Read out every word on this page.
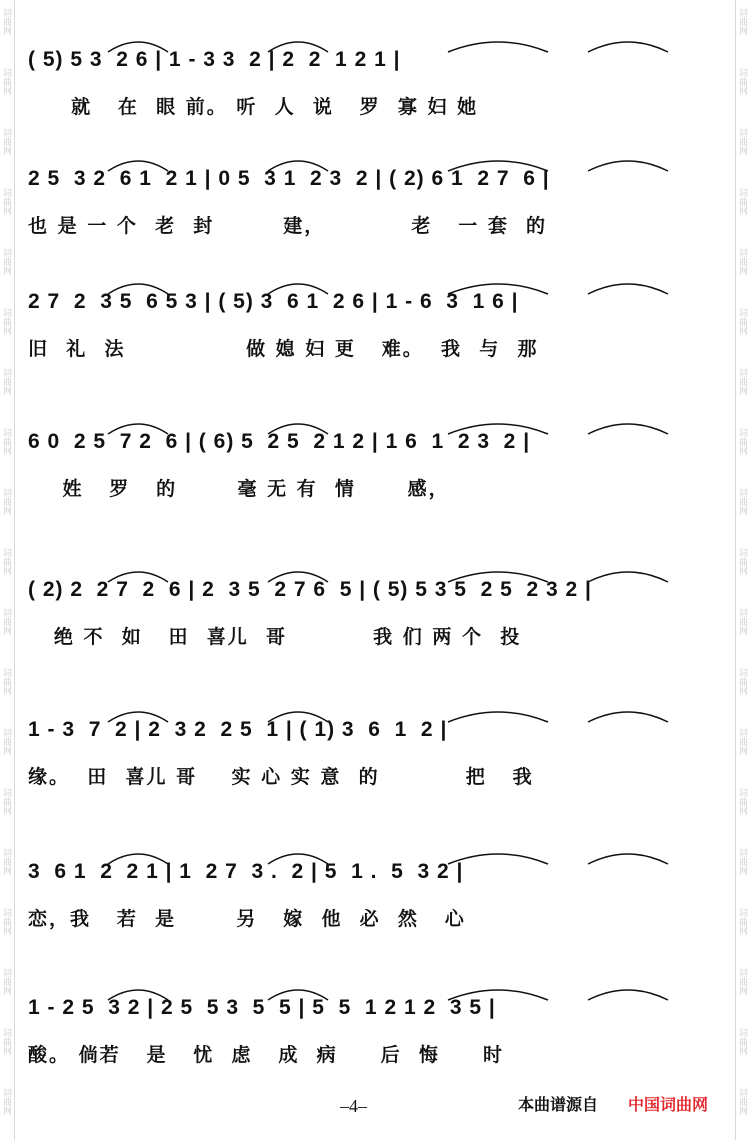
词曲网
词曲网
词曲网
词曲网
词曲网
词曲网
词曲网
词曲网
词曲网
词曲网
词曲网
词曲网
词曲网
词曲网
词曲网
词曲网
词曲网
词曲网
词曲网
词曲网
词曲网
词曲网
词曲网
词曲网
词曲网
词曲网
词曲网
词曲网
词曲网
词曲网
词曲网
词曲网
词曲网
词曲网
词曲网
词曲网
词曲网
词曲网
( 5) 5 3  2 6 | 1 - 3 3  2 | 2  2  1 2 1 |
就   在  眼 前。 听  人  说   罗  寡 妇 她
2 5  3 2  6 1  2 1 | 0 5  3 1  2 3  2 | ( 2) 6 1  2 7  6 |
也 是 一 个  老  封        建，          老   一 套  的
2 7  2  3 5  6 5 3 | ( 5) 3  6 1  2 6 | 1 - 6  3  1 6 |
旧  礼  法              做 媳 妇 更   难。  我  与  那
6 0  2 5  7 2  6 | ( 6) 5  2 5  2 1 2 | 1 6  1  2 3  2 |
姓   罗   的       毫 无 有  情      感，
( 2) 2  2 7  2  6 | 2  3 5  2 7 6  5 | ( 5) 5 3 5  2 5  2 3 2 |
绝 不  如   田  喜儿  哥          我 们 两 个  投
1 - 3  7  2 | 2  3 2  2 5  1 | ( 1) 3  6  1  2 |
缘。  田  喜儿 哥    实 心 实 意  的          把   我
3  6 1  2  2 1 | 1  2 7  3 .  2 | 5  1 .  5  3 2 |
恋，我   若  是       另   嫁  他  必  然   心
1 - 2 5  3 2 | 2 5  5 3  5  5 | 5  5  1 2 1 2  3 5 |
酸。 倘若   是   忧  虑   成  病     后  悔     时
–4–	本曲谱源自 中国词曲网
